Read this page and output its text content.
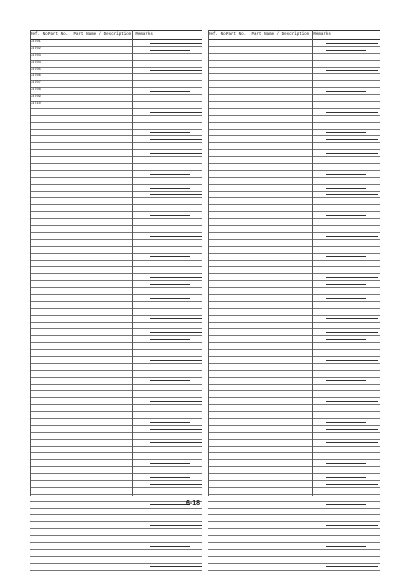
Ref. No.
Part No.	Part Name / Description Remarks
C4701
C4702
C4703
C4704
C4705
C4706
C4707
C4708
C4709
C4710
Ref. No.
Part No.	Part Name / Description Remarks
6-18
